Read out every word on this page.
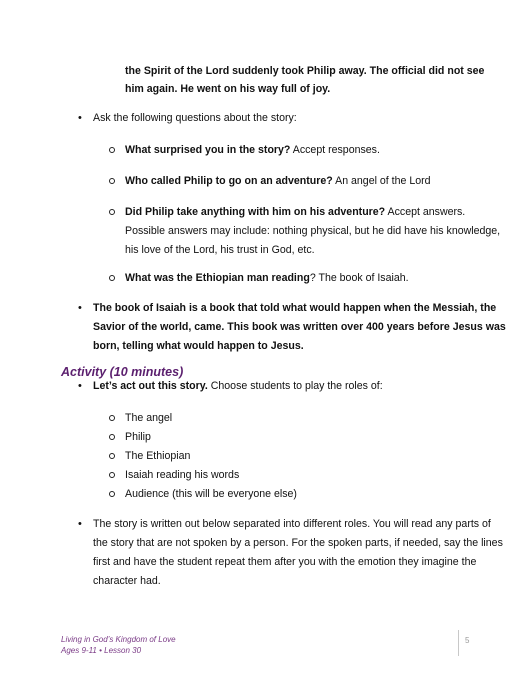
the Spirit of the Lord suddenly took Philip away. The official did not see
him again. He went on his way full of joy.
• Ask the following questions about the story:
What surprised you in the story? Accept responses.
Who called Philip to go on an adventure? An angel of the Lord
Did Philip take anything with him on his adventure? Accept answers.
Possible answers may include: nothing physical, but he did have his knowledge,
his love of the Lord, his trust in God, etc.
What was the Ethiopian man reading? The book of Isaiah.
• The book of Isaiah is a book that told what would happen when the Messiah, the
Savior of the world, came. This book was written over 400 years before Jesus was
born, telling what would happen to Jesus.
Activity (10 minutes)
• Let’s act out this story. Choose students to play the roles of:
The angel
Philip
The Ethiopian
Isaiah reading his words
Audience (this will be everyone else)
• The story is written out below separated into different roles. You will read any parts of
the story that are not spoken by a person. For the spoken parts, if needed, say the lines
first and have the student repeat them after you with the emotion they imagine the
character had.
Living in God’s Kingdom of Love
Ages 9-11 • Lesson 30
5
